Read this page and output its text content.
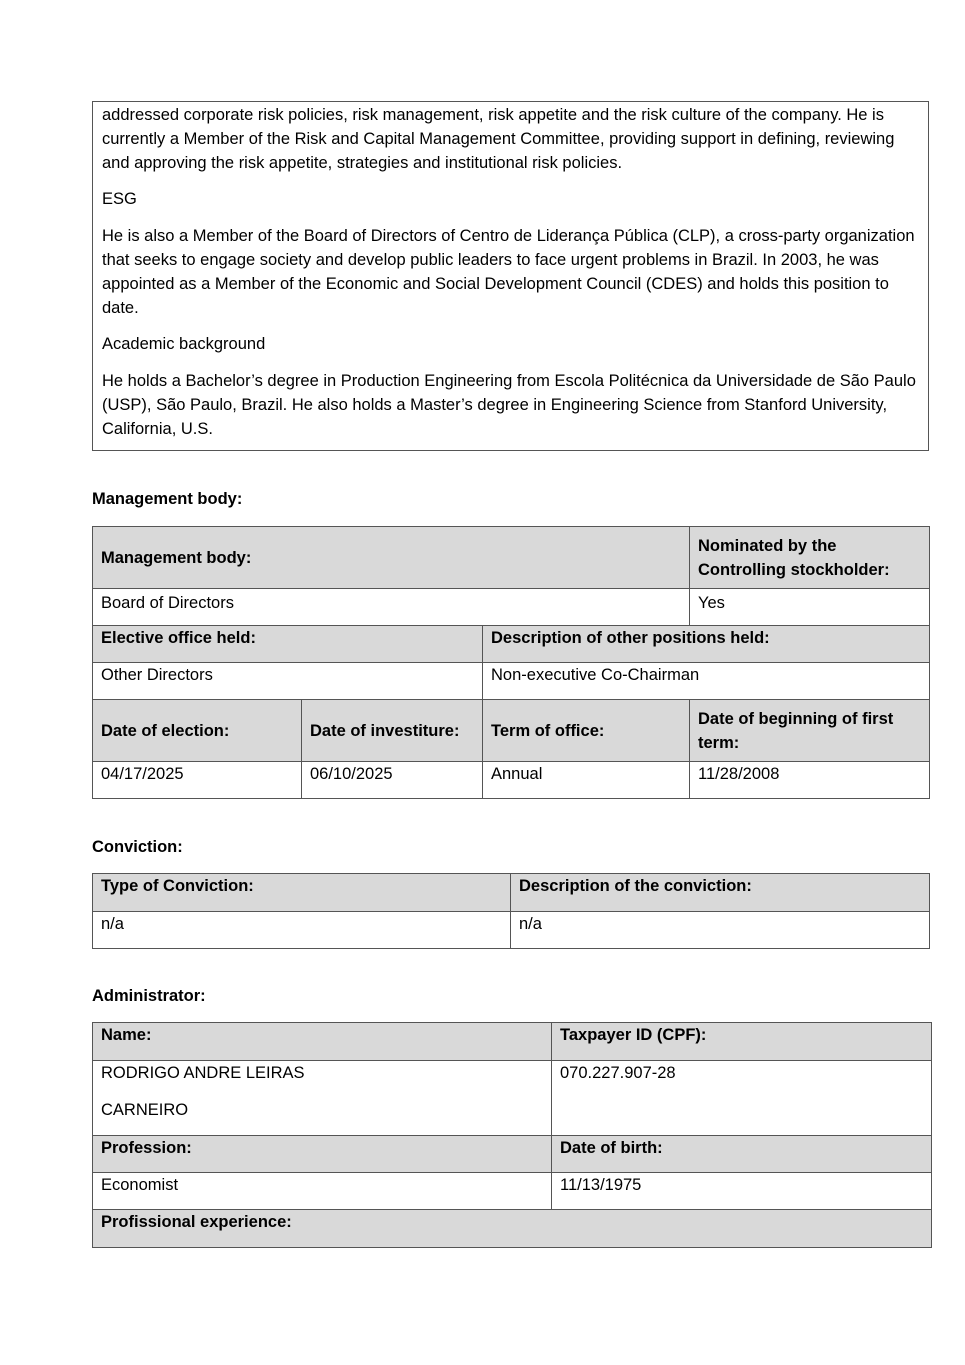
addressed corporate risk policies, risk management, risk appetite and the risk culture of the company. He is currently a Member of the Risk and Capital Management Committee, providing support in defining, reviewing and approving the risk appetite, strategies and institutional risk policies.

ESG

He is also a Member of the Board of Directors of Centro de Liderança Pública (CLP), a cross-party organization that seeks to engage society and develop public leaders to face urgent problems in Brazil. In 2003, he was appointed as a Member of the Economic and Social Development Council (CDES) and holds this position to date.

Academic background

He holds a Bachelor’s degree in Production Engineering from Escola Politécnica da Universidade de São Paulo (USP), São Paulo, Brazil. He also holds a Master’s degree in Engineering Science from Stanford University, California, U.S.

Management body:
Management body:			Nominated by the Controlling stockholder:
Board of Directors			Yes
Elective office held:		Description of other positions held:	
Other Directors		Non-executive Co-Chairman	
Date of election:	Date of investiture:	Term of office:	Date of beginning of first term:
04/17/2025	06/10/2025	Annual	11/28/2008
Conviction:
Type of Conviction:	Description of the conviction:
n/a	n/a
Administrator:
Name:	Taxpayer ID (CPF):

RODRIGO ANDRE LEIRAS
CARNEIRO	070.227.907-28
Profession:	Date of birth:
Economist	11/13/1975
Profissional experience:	
